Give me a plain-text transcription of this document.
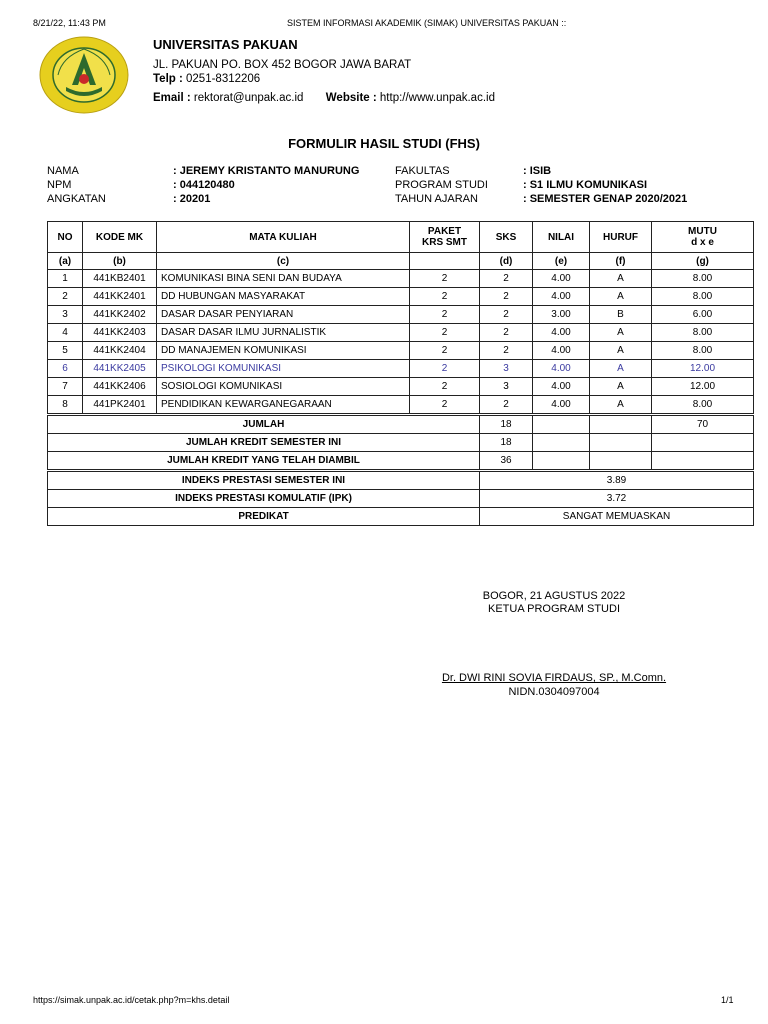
8/21/22, 11:43 PM	SISTEM INFORMASI AKADEMIK (SIMAK) UNIVERSITAS PAKUAN ::
https://simak.unpak.ac.id/cetak.php?m=khs.detail	1/1
UNIVERSITAS PAKUAN
JL. PAKUAN PO. BOX 452 BOGOR JAWA BARAT
Telp : 0251-8312206
Email : rektorat@unpak.ac.id Website : http://www.unpak.ac.id
FORMULIR HASIL STUDI (FHS)
NAMA	: JEREMY KRISTANTO MANURUNG
NPM	: 044120480
ANGKATAN	: 20201
FAKULTAS	: ISIB
PROGRAM STUDI	: S1 ILMU KOMUNIKASI
TAHUN AJARAN	: SEMESTER GENAP 2020/2021
NO	KODE MK	MATA KULIAH	PAKET
KRS SMT	SKS	NILAI	HURUF	MUTU
d x e
(a)	(b)	(c)		(d)	(e)	(f)	(g)
1	441KB2401	KOMUNIKASI BINA SENI DAN BUDAYA	2	2	4.00	A	8.00
2	441KK2401	DD HUBUNGAN MASYARAKAT	2	2	4.00	A	8.00
3	441KK2402	DASAR DASAR PENYIARAN	2	2	3.00	B	6.00
4	441KK2403	DASAR DASAR ILMU JURNALISTIK	2	2	4.00	A	8.00
5	441KK2404	DD MANAJEMEN KOMUNIKASI	2	2	4.00	A	8.00
6	441KK2405	PSIKOLOGI KOMUNIKASI	2	3	4.00	A	12.00
7	441KK2406	SOSIOLOGI KOMUNIKASI	2	3	4.00	A	12.00
8	441PK2401	PENDIDIKAN KEWARGANEGARAAN	2	2	4.00	A	8.00

JUMLAH				18			70
JUMLAH KREDIT SEMESTER INI				18			
JUMLAH KREDIT YANG TELAH DIAMBIL				36			

INDEKS PRESTASI SEMESTER INI				3.89			
INDEKS PRESTASI KOMULATIF (IPK)				3.72			
PREDIKAT				SANGAT MEMUASKAN			
BOGOR, 21 AGUSTUS 2022
KETUA PROGRAM STUDI
Dr. DWI RINI SOVIA FIRDAUS, SP., M.Comn.
NIDN.0304097004
